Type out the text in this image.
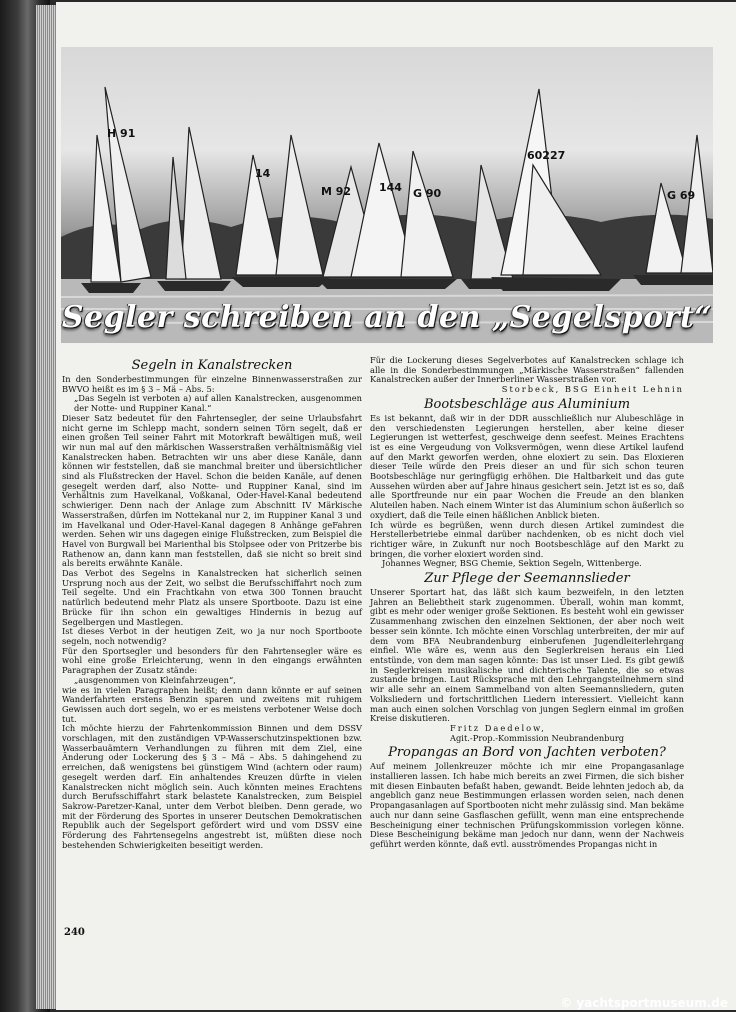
H 91
14
M 92	144 G 90
60227
G 69
Segler schreiben an den „Segelsport“
Segeln in Kanalstrecken

In den Sonderbestimmungen für einzelne Binnenwasserstraßen zur BWVO heißt es im § 3 – Mä – Abs. 5:

„Das Segeln ist verboten a) auf allen Kanalstrecken, ausgenommen der Notte- und Ruppiner Kanal.“

Dieser Satz bedeutet für den Fahrtensegler, der seine Urlaubsfahrt nicht gerne im Schlepp macht, sondern seinen Törn segelt, daß er einen großen Teil seiner Fahrt mit Motorkraft bewältigen muß, weil wir nun mal auf den märkischen Wasserstraßen verhältnismäßig viel Kanalstrecken haben. Betrachten wir uns aber diese Kanäle, dann können wir feststellen, daß sie manchmal breiter und übersichtlicher sind als Flußstrecken der Havel. Schon die beiden Kanäle, auf denen gesegelt werden darf, also Notte- und Ruppiner Kanal, sind im Verhältnis zum Havelkanal, Voßkanal, Oder-Havel-Kanal bedeutend schwieriger. Denn nach der Anlage zum Abschnitt IV Märkische Wasserstraßen, dürfen im Nottekanal nur 2, im Ruppiner Kanal 3 und im Havelkanal und Oder-Havel-Kanal dagegen 8 Anhänge geFahren werden. Sehen wir uns dagegen einige Flußstrecken, zum Beispiel die Havel von Burgwall bei Marienthal bis Stolpsee oder von Pritzerbe bis Rathenow an, dann kann man feststellen, daß sie nicht so breit sind als bereits erwähnte Kanäle.

Das Verbot des Segelns in Kanalstrecken hat sicherlich seinen Ursprung noch aus der Zeit, wo selbst die Berufsschiffahrt noch zum Teil segelte. Und ein Frachtkahn von etwa 300 Tonnen braucht natürlich bedeutend mehr Platz als unsere Sportboote. Dazu ist eine Brücke für ihn schon ein gewaltiges Hindernis in bezug auf Segelbergen und Mastlegen.

Ist dieses Verbot in der heutigen Zeit, wo ja nur noch Sportboote segeln, noch notwendig?

Für den Sportsegler und besonders für den Fahrtensegler wäre es wohl eine große Erleichterung, wenn in den eingangs erwähnten Paragraphen der Zusatz stände:

„ausgenommen von Kleinfahrzeugen“,

wie es in vielen Paragraphen heißt; denn dann könnte er auf seinen Wanderfahrten erstens Benzin sparen und zweitens mit ruhigem Gewissen auch dort segeln, wo er es meistens verbotener Weise doch tut.

Ich möchte hierzu der Fahrtenkommission Binnen und dem DSSV vorschlagen, mit den zuständigen VP-Wasserschutzinspektionen bzw. Wasserbauämtern Verhandlungen zu führen mit dem Ziel, eine Änderung oder Lockerung des § 3 – Mä – Abs. 5 dahingehend zu erreichen, daß wenigstens bei günstigem Wind (achtern oder raum) gesegelt werden darf. Ein anhaltendes Kreuzen dürfte in vielen Kanalstrecken nicht möglich sein. Auch könnten meines Erachtens durch Berufsschiffahrt stark belastete Kanalstrecken, zum Beispiel Sakrow-Paretzer-Kanal, unter dem Verbot bleiben. Denn gerade, wo mit der Förderung des Sportes in unserer Deutschen Demokratischen Republik auch der Segelsport gefördert wird und vom DSSV eine Förderung des Fahrtensegelns angestrebt ist, müßten diese noch bestehenden Schwierigkeiten beseitigt werden.

Für die Lockerung dieses Segelverbotes auf Kanalstrecken schlage ich alle in die Sonderbestimmungen „Märkische Wasserstraßen“ fallenden Kanalstrecken außer der Innerberliner Wasserstraßen vor.

Storbeck, BSG Einheit Lehnin

Bootsbeschläge aus Aluminium

Es ist bekannt, daß wir in der DDR ausschließlich nur Alubeschläge in den verschiedensten Legierungen herstellen, aber keine dieser Legierungen ist wetterfest, geschweige denn seefest. Meines Erachtens ist es eine Vergeudung von Volksvermögen, wenn diese Artikel laufend auf den Markt geworfen werden, ohne eloxiert zu sein. Das Eloxieren dieser Teile würde den Preis dieser an und für sich schon teuren Bootsbeschläge nur geringfügig erhöhen. Die Haltbarkeit und das gute Aussehen würden aber auf Jahre hinaus gesichert sein. Jetzt ist es so, daß alle Sportfreunde nur ein paar Wochen die Freude an den blanken Aluteilen haben. Nach einem Winter ist das Aluminium schon äußerlich so oxydiert, daß die Teile einen häßlichen Anblick bieten.

Ich würde es begrüßen, wenn durch diesen Artikel zumindest die Herstellerbetriebe einmal darüber nachdenken, ob es nicht doch viel richtiger wäre, in Zukunft nur noch Bootsbeschläge auf den Markt zu bringen, die vorher eloxiert worden sind.

Johannes Wegner, BSG Chemie, Sektion Segeln, Wittenberge.

Zur Pflege der Seemannslieder

Unserer Sportart hat, das läßt sich kaum bezweifeln, in den letzten Jahren an Beliebtheit stark zugenommen. Überall, wohin man kommt, gibt es mehr oder weniger große Sektionen. Es besteht wohl ein gewisser Zusammenhang zwischen den einzelnen Sektionen, der aber noch weit besser sein könnte. Ich möchte einen Vorschlag unterbreiten, der mir auf dem vom BFA Neubrandenburg einberufenen Jugendleiterlehrgang einfiel. Wie wäre es, wenn aus den Seglerkreisen heraus ein Lied entstünde, von dem man sagen könnte: Das ist unser Lied. Es gibt gewiß in Seglerkreisen musikalische und dichterische Talente, die so etwas zustande bringen. Laut Rücksprache mit den Lehrgangsteilnehmern sind wir alle sehr an einem Sammelband von alten Seemannsliedern, guten Volksliedern und fortschrittlichen Liedern interessiert. Vielleicht kann man auch einen solchen Vorschlag von jungen Seglern einmal im großen Kreise diskutieren.

Fritz Daedelow,

Agit.-Prop.-Kommission Neubrandenburg

Propangas an Bord von Jachten verboten?

Auf meinem Jollenkreuzer möchte ich mir eine Propangasanlage installieren lassen. Ich habe mich bereits an zwei Firmen, die sich bisher mit diesen Einbauten befaßt haben, gewandt. Beide lehnten jedoch ab, da angeblich ganz neue Bestimmungen erlassen worden seien, nach denen Propangasanlagen auf Sportbooten nicht mehr zulässig sind. Man bekäme auch nur dann seine Gasflaschen gefüllt, wenn man eine entsprechende Bescheinigung einer technischen Prüfungskommission vorlegen könne. Diese Bescheinigung bekäme man jedoch nur dann, wenn der Nachweis geführt werden könnte, daß evtl. ausströmendes Propangas nicht in

240
© yachtsportmuseum.de
